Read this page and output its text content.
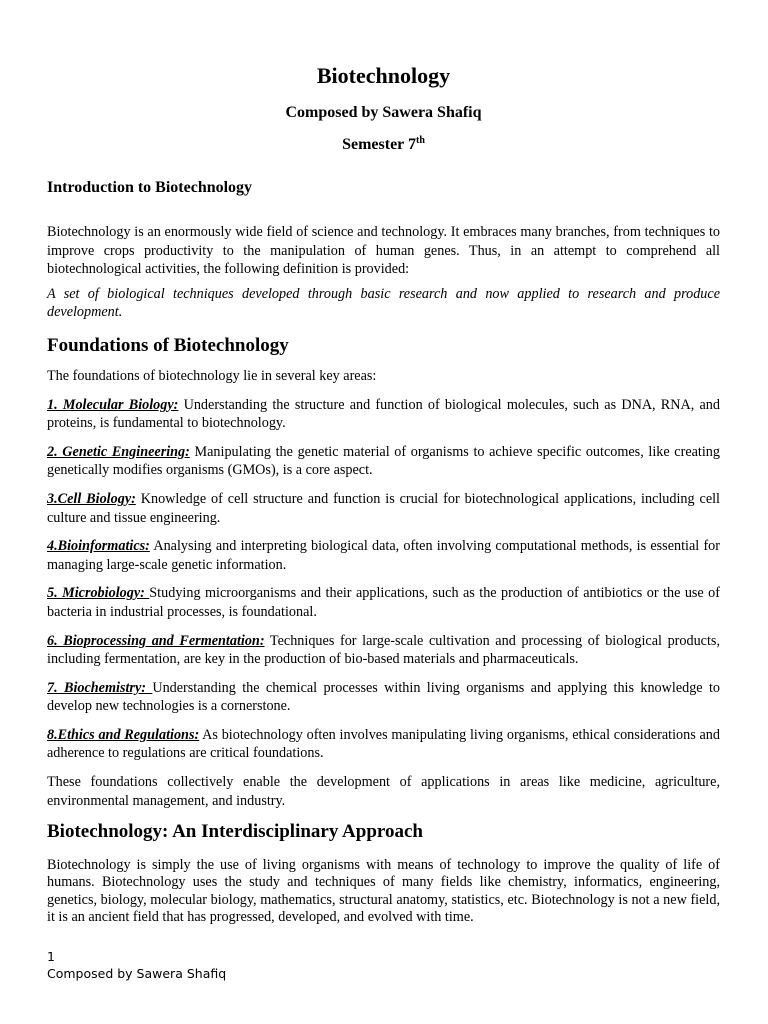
Biotechnology
Composed by Sawera Shafiq
Semester 7th
Introduction to Biotechnology

Biotechnology is an enormously wide field of science and technology. It embraces many branches, from techniques to improve crops productivity to the manipulation of human genes. Thus, in an attempt to comprehend all biotechnological activities, the following definition is provided:

A set of biological techniques developed through basic research and now applied to research and produce development.

Foundations of Biotechnology

The foundations of biotechnology lie in several key areas:

1. Molecular Biology: Understanding the structure and function of biological molecules, such as DNA, RNA, and proteins, is fundamental to biotechnology.

2. Genetic Engineering: Manipulating the genetic material of organisms to achieve specific outcomes, like creating genetically modifies organisms (GMOs), is a core aspect.

3.Cell Biology: Knowledge of cell structure and function is crucial for biotechnological applications, including cell culture and tissue engineering.

4.Bioinformatics: Analysing and interpreting biological data, often involving computational methods, is essential for managing large-scale genetic information.

5. Microbiology: Studying microorganisms and their applications, such as the production of antibiotics or the use of bacteria in industrial processes, is foundational.

6. Bioprocessing and Fermentation: Techniques for large-scale cultivation and processing of biological products, including fermentation, are key in the production of bio-based materials and pharmaceuticals.

7. Biochemistry: Understanding the chemical processes within living organisms and applying this knowledge to develop new technologies is a cornerstone.

8.Ethics and Regulations: As biotechnology often involves manipulating living organisms, ethical considerations and adherence to regulations are critical foundations.

These foundations collectively enable the development of applications in areas like medicine, agriculture, environmental management, and industry.

Biotechnology: An Interdisciplinary Approach

Biotechnology is simply the use of living organisms with means of technology to improve the quality of life of humans. Biotechnology uses the study and techniques of many fields like chemistry, informatics, engineering, genetics, biology, molecular biology, mathematics, structural anatomy, statistics, etc. Biotechnology is not a new field, it is an ancient field that has progressed, developed, and evolved with time.

1
Composed by Sawera Shafiq
